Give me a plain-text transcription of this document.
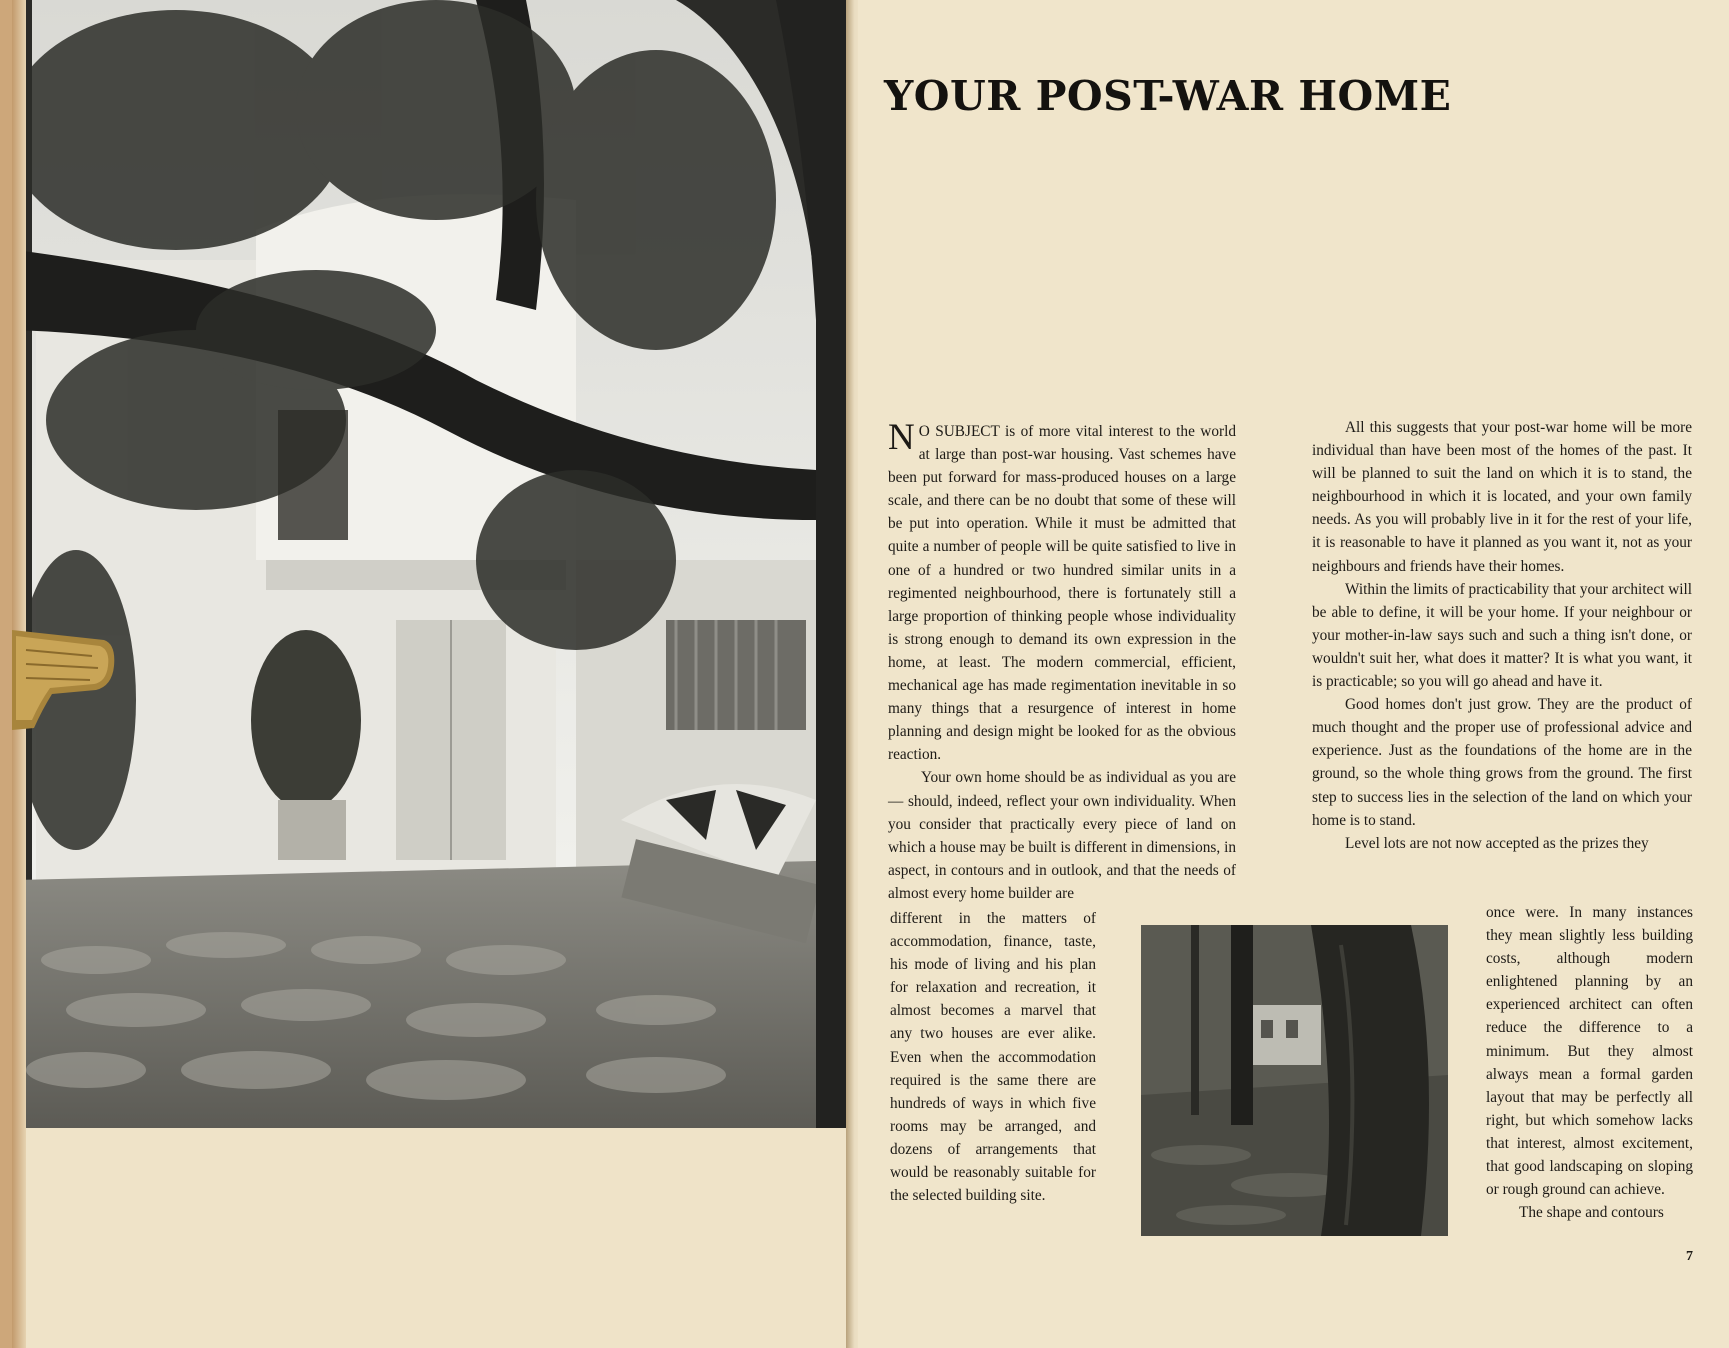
YOUR POST-WAR HOME

N O SUBJECT is of more vital interest to the world at large than post-war housing. Vast schemes have been put forward for mass-produced houses on a large scale, and there can be no doubt that some of these will be put into operation. While it must be admitted that quite a number of people will be quite satisfied to live in one of a hundred or two hundred similar units in a regimented neighbourhood, there is fortunately still a large proportion of thinking people whose individuality is strong enough to demand its own expression in the home, at least. The modern commercial, efficient, mechanical age has made regimentation inevitable in so many things that a resurgence of interest in home planning and design might be looked for as the obvious reaction.

Your own home should be as individual as you are — should, indeed, reflect your own individuality. When you consider that practically every piece of land on which a house may be built is different in dimensions, in aspect, in contours and in outlook, and that the needs of almost every home builder are

different in the matters of accommodation, finance, taste, his mode of living and his plan for relaxation and recreation, it almost becomes a marvel that any two houses are ever alike. Even when the accommodation required is the same there are hundreds of ways in which five rooms may be arranged, and dozens of arrangements that would be reasonably suitable for the selected building site.

All this suggests that your post-war home will be more individual than have been most of the homes of the past. It will be planned to suit the land on which it is to stand, the neighbourhood in which it is located, and your own family needs. As you will probably live in it for the rest of your life, it is reasonable to have it planned as you want it, not as your neighbours and friends have their homes.

Within the limits of practicability that your architect will be able to define, it will be your home. If your neighbour or your mother-in-law says such and such a thing isn't done, or wouldn't suit her, what does it matter? It is what you want, it is practicable; so you will go ahead and have it.

Good homes don't just grow. They are the product of much thought and the proper use of professional advice and experience. Just as the foundations of the home are in the ground, so the whole thing grows from the ground. The first step to success lies in the selection of the land on which your home is to stand.

Level lots are not now accepted as the prizes they

once were. In many instances they mean slightly less building costs, although modern enlightened planning by an experienced architect can often reduce the difference to a minimum. But they almost always mean a formal garden layout that may be perfectly all right, but which somehow lacks that interest, almost excitement, that good landscaping on sloping or rough ground can achieve.

The shape and contours

7
